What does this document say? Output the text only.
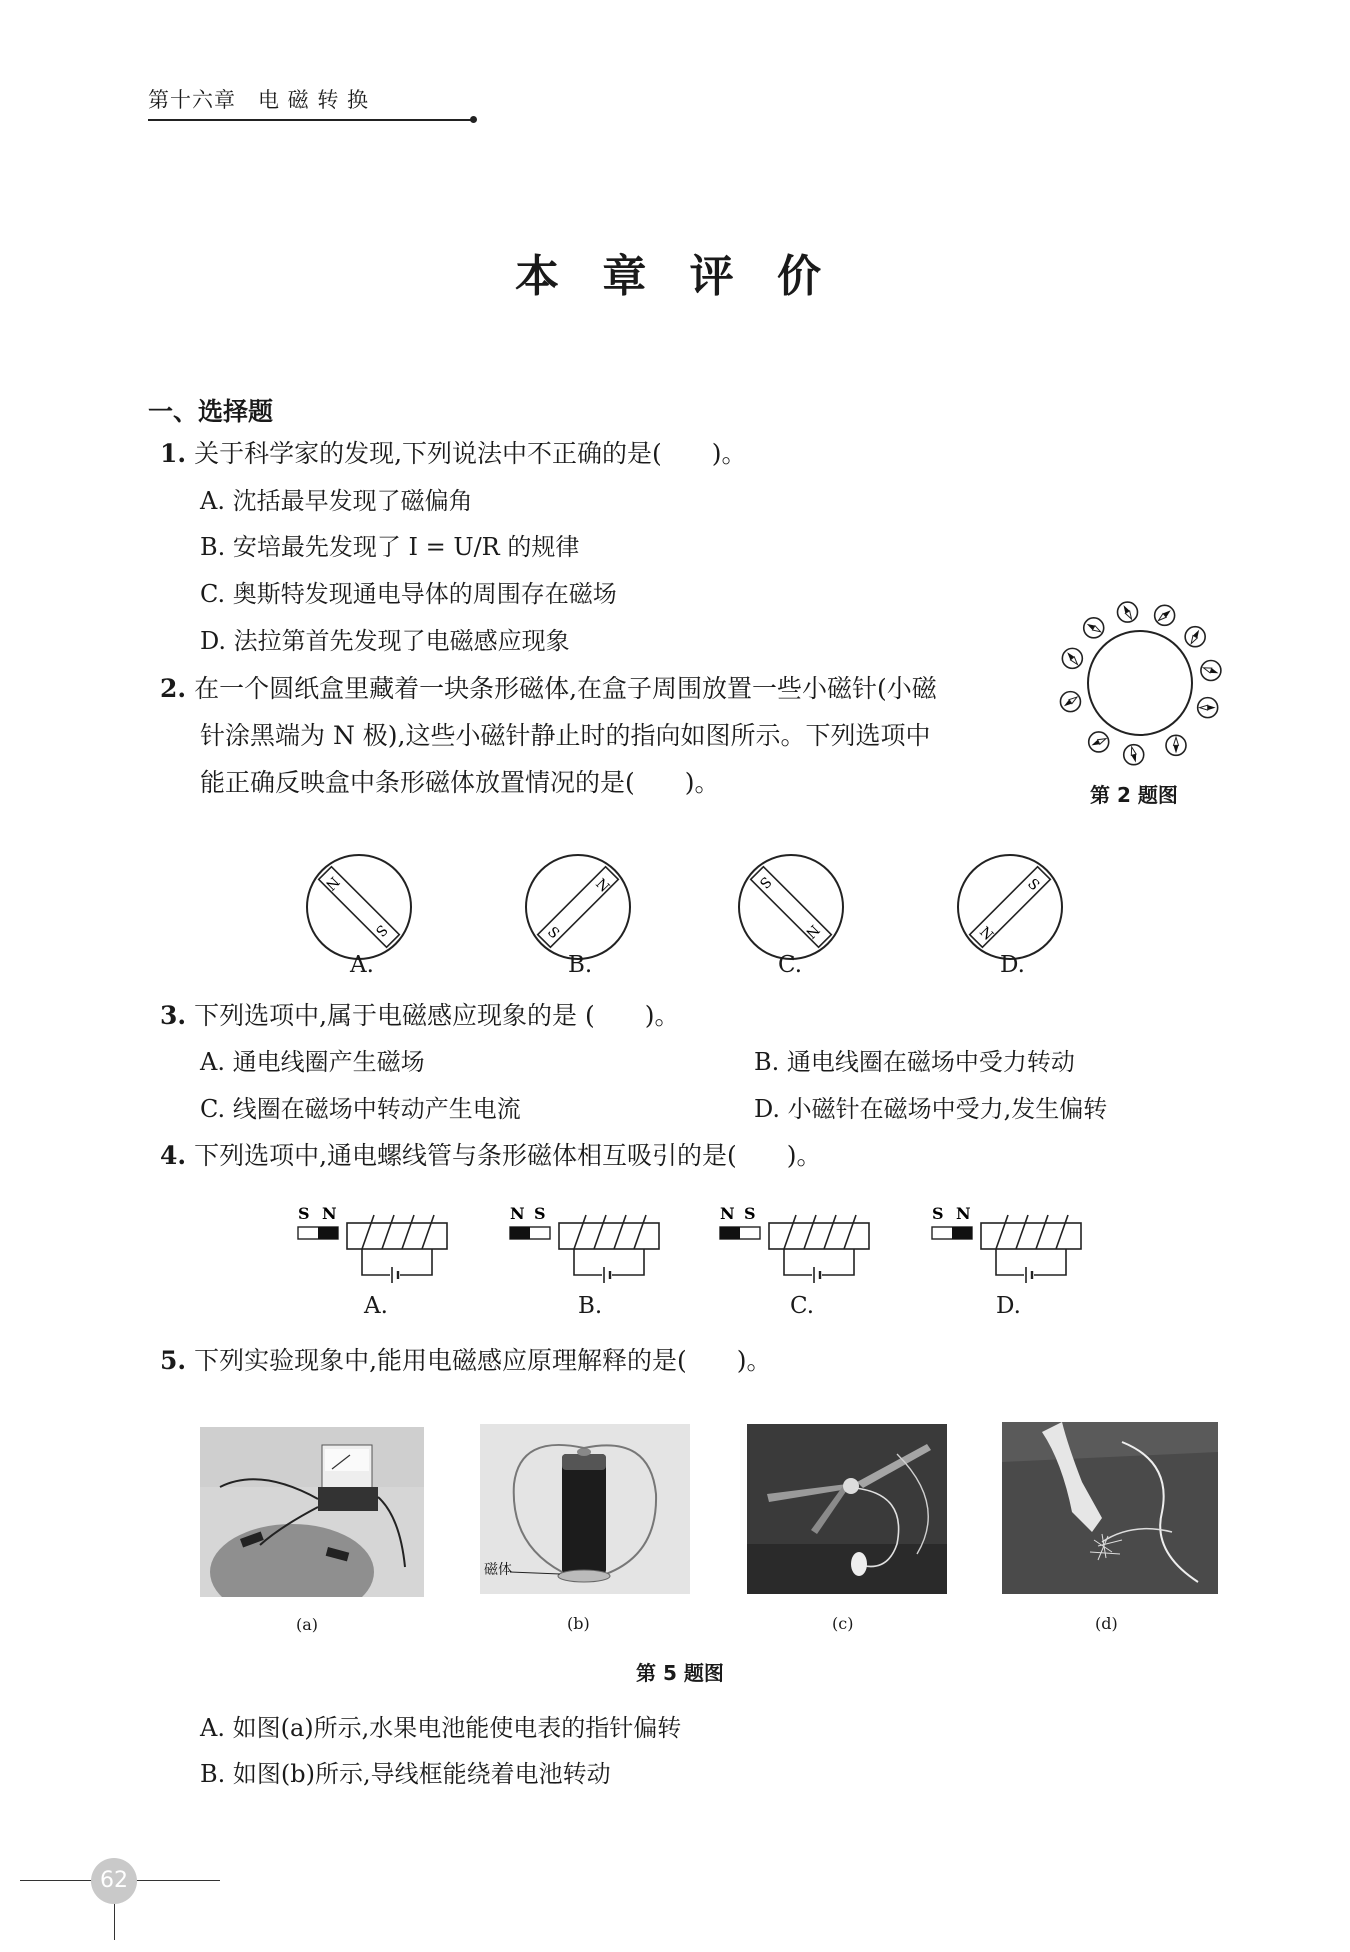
第十六章　电 磁 转 换
本 章 评 价
一、选择题
1. 关于科学家的发现,下列说法中不正确的是(　　)。
A. 沈括最早发现了磁偏角
B. 安培最先发现了 I = U/R 的规律
C. 奥斯特发现通电导体的周围存在磁场
D. 法拉第首先发现了电磁感应现象
2. 在一个圆纸盒里藏着一块条形磁体,在盒子周围放置一些小磁针(小磁
针涂黑端为 N 极),这些小磁针静止时的指向如图所示。下列选项中
能正确反映盒中条形磁体放置情况的是(　　)。	第 2 题图
N
S	S
N	S
N	N
S
A.	B.	C.	D.
3. 下列选项中,属于电磁感应现象的是 (　　)。
A. 通电线圈产生磁场	B. 通电线圈在磁场中受力转动
C. 线圈在磁场中转动产生电流	D. 小磁针在磁场中受力,发生偏转
4. 下列选项中,通电螺线管与条形磁体相互吸引的是(　　)。
S N	N S	N S	S N
A.	B.	C.	D.
5. 下列实验现象中,能用电磁感应原理解释的是(　　)。
(a)
磁体
(b)	(c)	(d)
第 5 题图
A. 如图(a)所示,水果电池能使电表的指针偏转
B. 如图(b)所示,导线框能绕着电池转动
62
